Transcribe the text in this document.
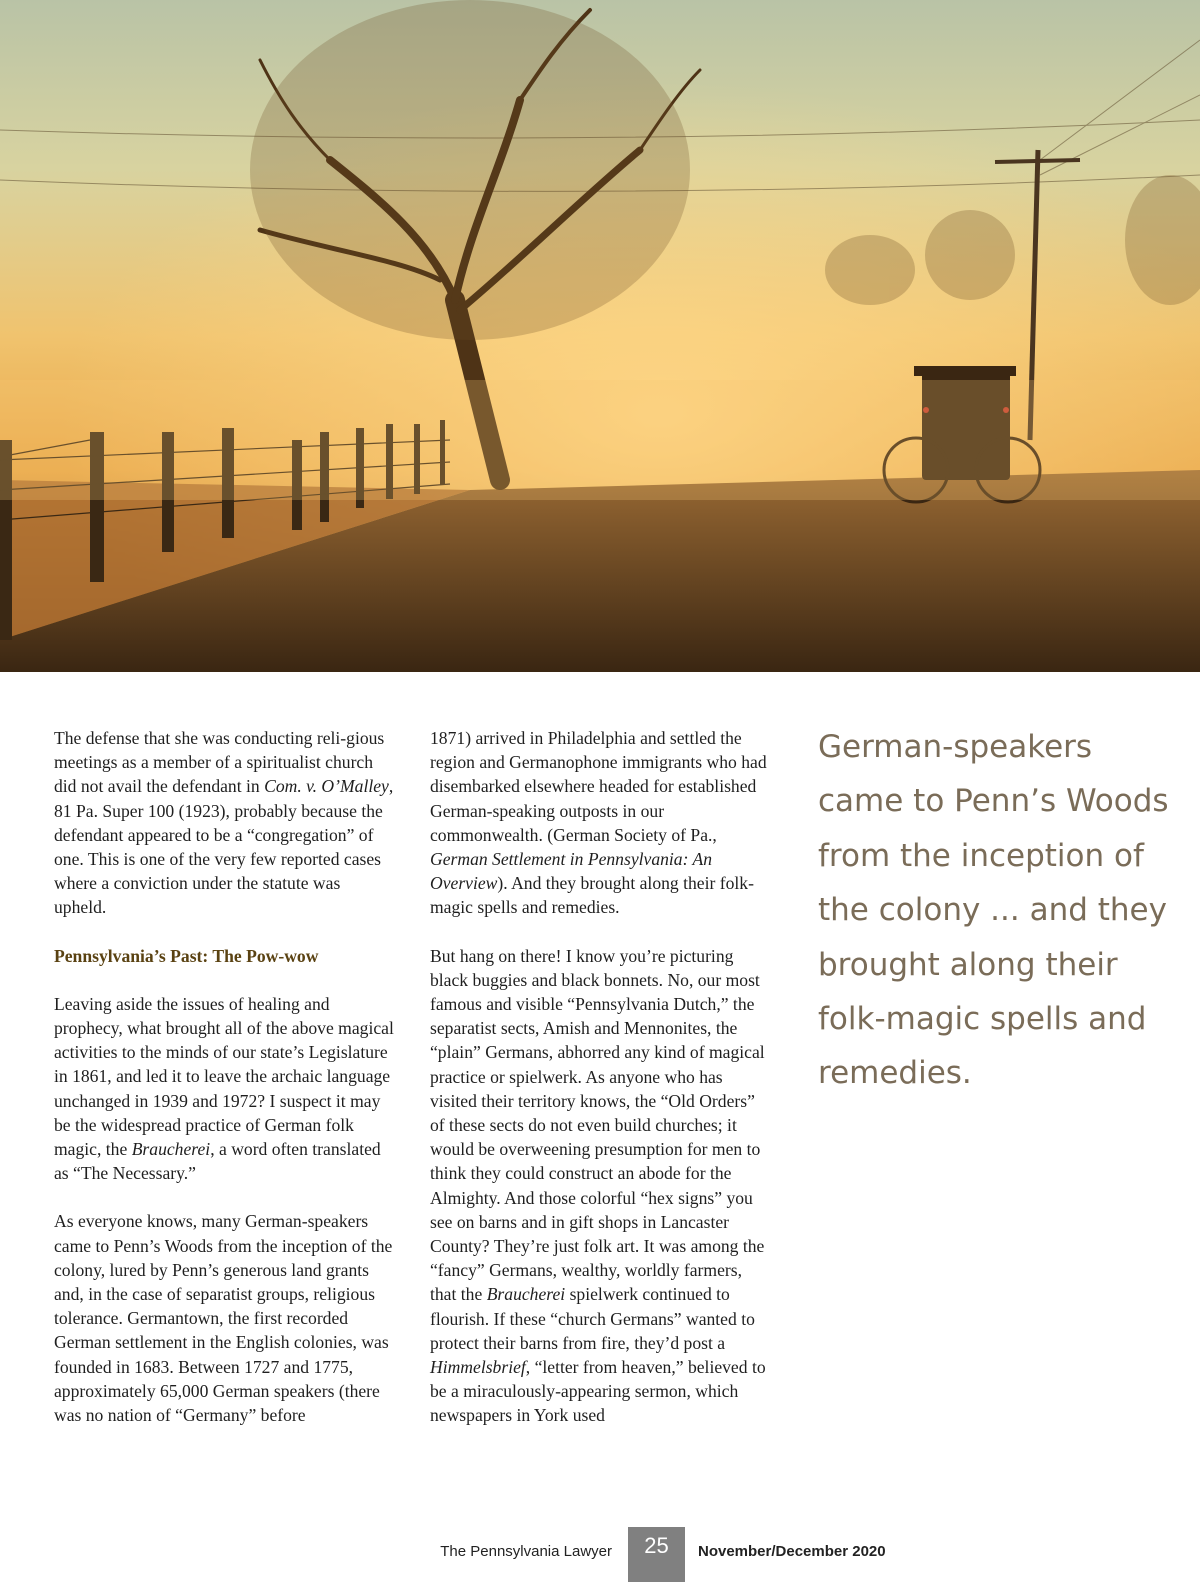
The defense that she was conducting reli-gious meetings as a member of a spiritualist church did not avail the defendant in Com. v. O’Malley, 81 Pa. Super 100 (1923), probably because the defendant appeared to be a “congregation” of one. This is one of the very few reported cases where a conviction under the statute was upheld.

Pennsylvania’s Past: The Pow-wow

Leaving aside the issues of healing and prophecy, what brought all of the above magical activities to the minds of our state’s Legislature in 1861, and led it to leave the archaic language unchanged in 1939 and 1972? I suspect it may be the widespread practice of German folk magic, the Braucherei, a word often translated as “The Necessary.”

As everyone knows, many German-speakers came to Penn’s Woods from the inception of the colony, lured by Penn’s generous land grants and, in the case of separatist groups, religious tolerance. Germantown, the first recorded German settlement in the English colonies, was founded in 1683. Between 1727 and 1775, approximately 65,000 German speakers (there was no nation of “Germany” before

1871) arrived in Philadelphia and settled the region and Germanophone immigrants who had disembarked elsewhere headed for established German-speaking outposts in our commonwealth. (German Society of Pa., German Settlement in Pennsylvania: An Overview). And they brought along their folk-magic spells and remedies.

But hang on there! I know you’re picturing black buggies and black bonnets. No, our most famous and visible “Pennsylvania Dutch,” the separatist sects, Amish and Mennonites, the “plain” Germans, abhorred any kind of magical practice or spielwerk. As anyone who has visited their territory knows, the “Old Orders” of these sects do not even build churches; it would be overweening presumption for men to think they could construct an abode for the Almighty. And those colorful “hex signs” you see on barns and in gift shops in Lancaster County? They’re just folk art. It was among the “fancy” Germans, wealthy, worldly farmers, that the Braucherei spielwerk continued to flourish. If these “church Germans” wanted to protect their barns from fire, they’d post a Himmelsbrief, “letter from heaven,” believed to be a miraculously-appearing sermon, which newspapers in York used

German-speakers came to Penn’s Woods from the inception of the colony ... and they brought along their folk-magic spells and remedies.

The Pennsylvania Lawyer	25	November/December 2020
